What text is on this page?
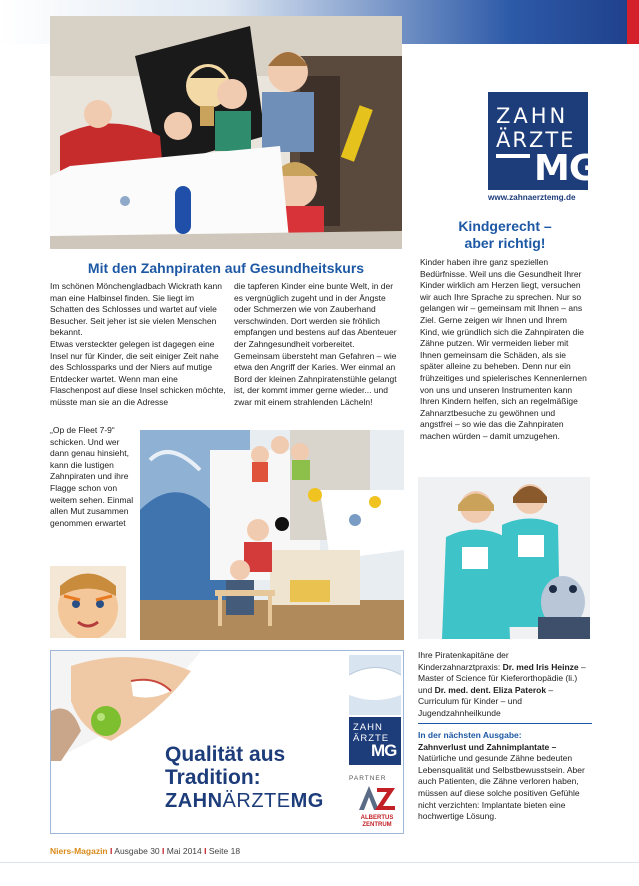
ZAHN
ÄRZTE
MG
www.zahnaerztemg.de
Kindgerecht –
aber richtig!
Mit den Zahnpiraten auf Gesundheitskurs

Im schönen Mönchengladbach Wickrath kann man eine Halbinsel finden. Sie liegt im Schatten des Schlosses und wartet auf viele Besucher. Seit jeher ist sie vielen Menschen bekannt.

Etwas versteckter gelegen ist dagegen eine Insel nur für Kinder, die seit einiger Zeit nahe des Schlossparks und der Niers auf mutige Entdecker wartet. Wenn man eine Flaschenpost auf diese Insel schicken möchte, müsste man sie an die Adresse

„Op de Fleet 7-9“ schicken. Und wer dann genau hinsieht, kann die lustigen Zahnpiraten und ihre Flagge schon von weitem sehen. Einmal allen Mut zusammen genommen erwartet

die tapferen Kinder eine bunte Welt, in der es vergnüglich zugeht und in der Ängste oder Schmerzen wie von Zauberhand verschwinden. Dort werden sie fröhlich empfangen und bestens auf das Abenteuer der Zahngesundheit vorbereitet. Gemeinsam übersteht man Gefahren – wie etwa den Angriff der Karies. Wer einmal an Bord der kleinen Zahnpiratenstühle gelangt ist, der kommt immer gerne wieder... und zwar mit einem strahlenden Lächeln!

Kinder haben ihre ganz speziellen Bedürfnisse. Weil uns die Gesundheit Ihrer Kinder wirklich am Herzen liegt, versuchen wir auch Ihre Sprache zu sprechen. Nur so gelangen wir – gemeinsam mit Ihnen – ans Ziel. Gerne zeigen wir Ihnen und Ihrem Kind, wie gründlich sich die Zahnpiraten die Zähne putzen. Wir vermeiden lieber mit Ihnen gemeinsam die Schäden, als sie später alleine zu beheben. Denn nur ein frühzeitiges und spielerisches Kennenlernen von uns und unseren Instrumenten kann Ihren Kindern helfen, sich an regelmäßige Zahnarztbesuche zu gewöhnen und angstfrei – so wie das die Zahnpiraten machen würden – damit umzugehen.
Ihre Piratenkapitäne der Kinderzahnarztpraxis: Dr. med Iris Heinze – Master of Science für Kieferorthopädie (li.) und Dr. med. dent. Eliza Paterok – Curriculum für Kinder – und Jugendzahnheilkunde
In der nächsten Ausgabe:
Zahnverlust und Zahnimplantate – Natürliche und gesunde Zähne bedeuten Lebensqualität und Selbstbewusstsein. Aber auch Patienten, die Zähne verloren haben, müssen auf diese solche positiven Gefühle nicht verzichten: Implantate bieten eine hochwertige Lösung.
ZAHN
ÄRZTE
MG
Qualität aus
Tradition:
ZAHNÄRZTEMG
PARTNER
ALBERTUS
ZENTRUM
Niers-Magazin I Ausgabe 30 I Mai 2014 I Seite 18
